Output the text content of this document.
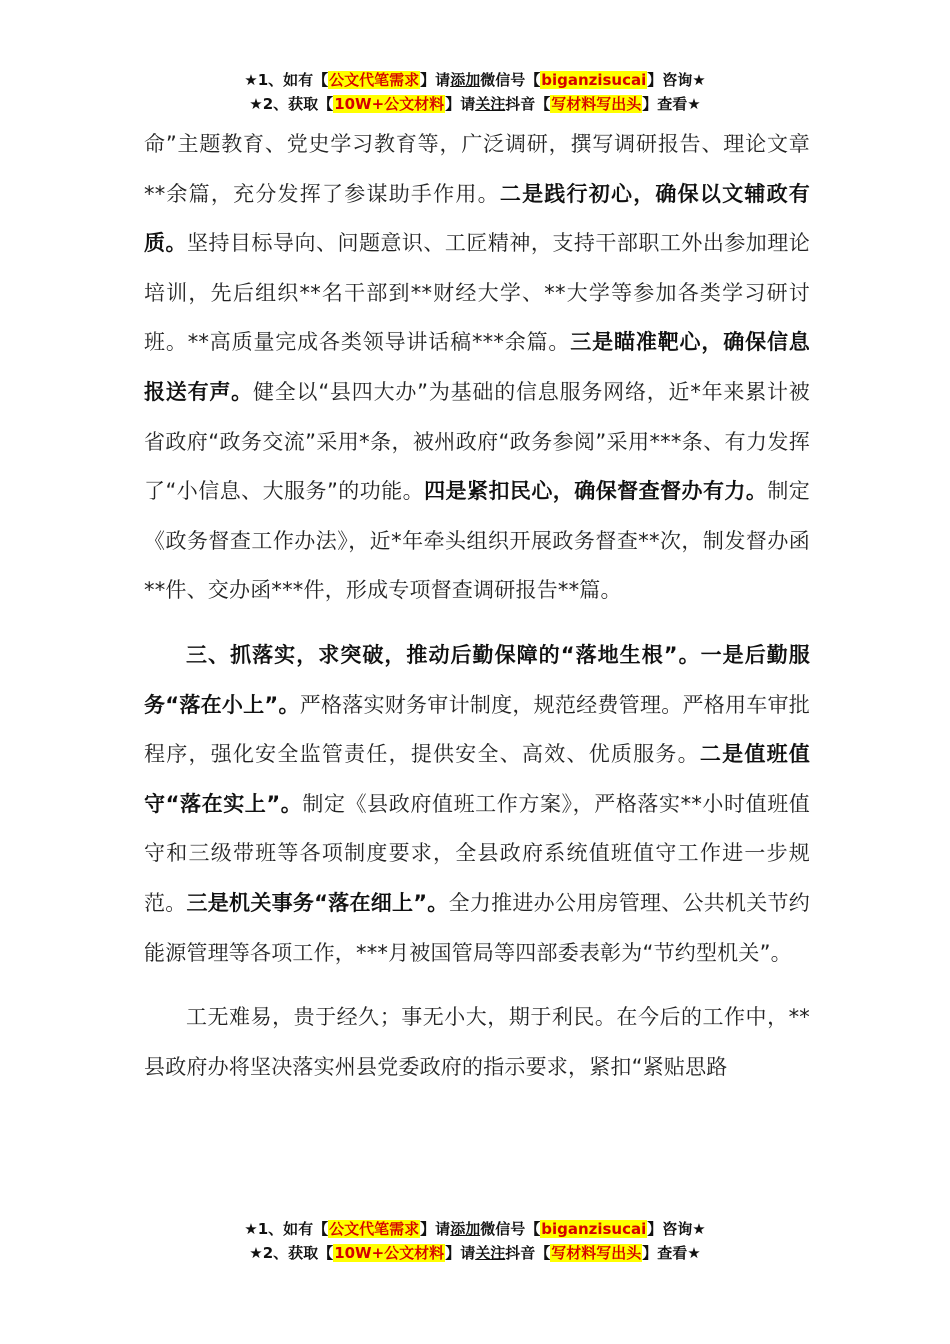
★1、如有【公文代笔需求】请添加微信号【biganzisucai】咨询★
★2、获取【10W+公文材料】请关注抖音【写材料写出头】查看★

命”主题教育、党史学习教育等，广泛调研，撰写调研报告、理论文章**余篇，充分发挥了参谋助手作用。二是践行初心，确保以文辅政有质。坚持目标导向、问题意识、工匠精神，支持干部职工外出参加理论培训，先后组织**名干部到**财经大学、**大学等参加各类学习研讨班。**高质量完成各类领导讲话稿***余篇。三是瞄准靶心，确保信息报送有声。健全以“县四大办”为基础的信息服务网络，近*年来累计被省政府“政务交流”采用*条，被州政府“政务参阅”采用***条、有力发挥了“小信息、大服务”的功能。四是紧扣民心，确保督查督办有力。制定《政务督查工作办法》，近*年牵头组织开展政务督查**次，制发督办函**件、交办函***件，形成专项督查调研报告**篇。

三、抓落实，求突破，推动后勤保障的“落地生根”。一是后勤服务“落在小上”。严格落实财务审计制度，规范经费管理。严格用车审批程序，强化安全监管责任，提供安全、高效、优质服务。二是值班值守“落在实上”。制定《县政府值班工作方案》，严格落实**小时值班值守和三级带班等各项制度要求，全县政府系统值班值守工作进一步规范。三是机关事务“落在细上”。全力推进办公用房管理、公共机关节约能源管理等各项工作，***月被国管局等四部委表彰为“节约型机关”。

工无难易，贵于经久；事无小大，期于利民。在今后的工作中，**县政府办将坚决落实州县党委政府的指示要求，紧扣“紧贴思路

★1、如有【公文代笔需求】请添加微信号【biganzisucai】咨询★
★2、获取【10W+公文材料】请关注抖音【写材料写出头】查看★
